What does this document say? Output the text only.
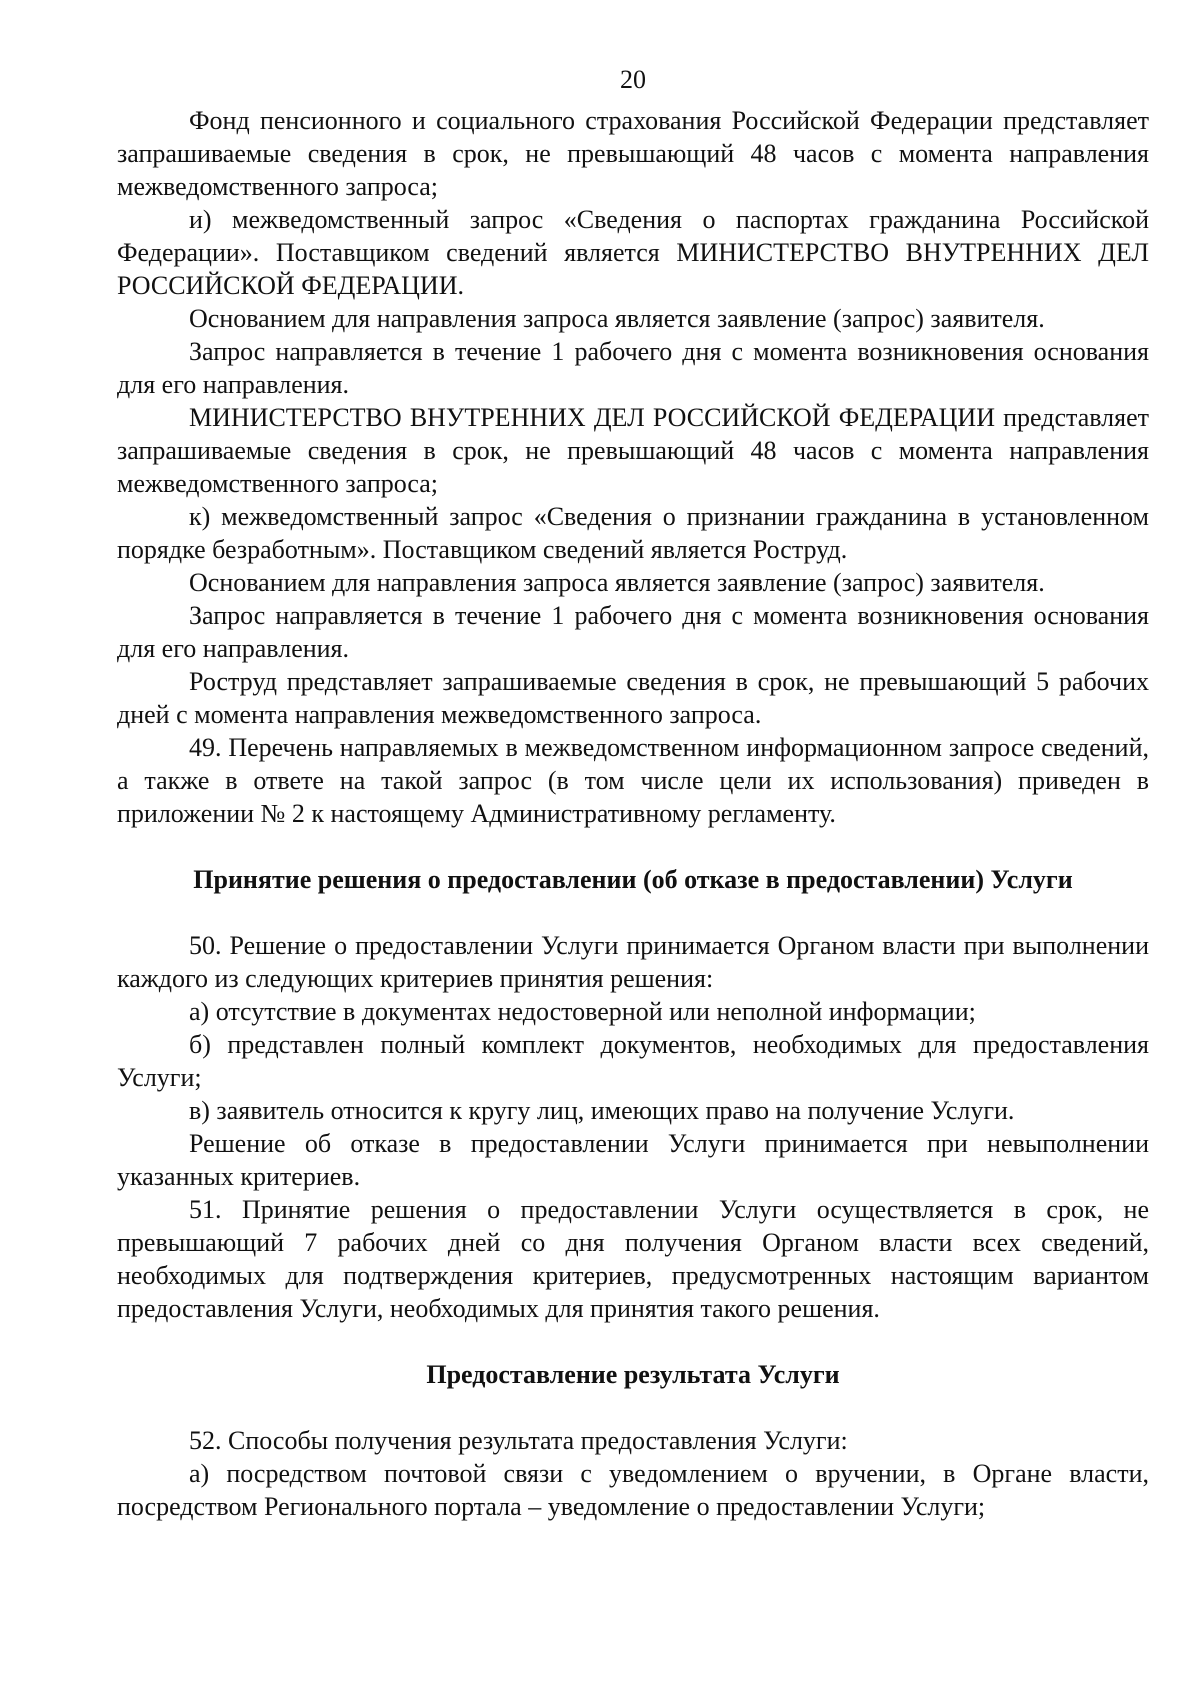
20

Фонд пенсионного и социального страхования Российской Федерации представляет запрашиваемые сведения в срок, не превышающий 48 часов с момента направления межведомственного запроса;

и) межведомственный запрос «Сведения о паспортах гражданина Российской Федерации». Поставщиком сведений является МИНИСТЕРСТВО ВНУТРЕННИХ ДЕЛ РОССИЙСКОЙ ФЕДЕРАЦИИ.

Основанием для направления запроса является заявление (запрос) заявителя.

Запрос направляется в течение 1 рабочего дня с момента возникновения основания для его направления.

МИНИСТЕРСТВО ВНУТРЕННИХ ДЕЛ РОССИЙСКОЙ ФЕДЕРАЦИИ представляет запрашиваемые сведения в срок, не превышающий 48 часов с момента направления межведомственного запроса;

к) межведомственный запрос «Сведения о признании гражданина в установленном порядке безработным». Поставщиком сведений является Роструд.

Основанием для направления запроса является заявление (запрос) заявителя.

Запрос направляется в течение 1 рабочего дня с момента возникновения основания для его направления.

Роструд представляет запрашиваемые сведения в срок, не превышающий 5 рабочих дней с момента направления межведомственного запроса.

49. Перечень направляемых в межведомственном информационном запросе сведений, а также в ответе на такой запрос (в том числе цели их использования) приведен в приложении № 2 к настоящему Административному регламенту.

Принятие решения о предоставлении (об отказе в предоставлении) Услуги

50. Решение о предоставлении Услуги принимается Органом власти при выполнении каждого из следующих критериев принятия решения:

а) отсутствие в документах недостоверной или неполной информации;

б) представлен полный комплект документов, необходимых для предоставления Услуги;

в) заявитель относится к кругу лиц, имеющих право на получение Услуги.

Решение об отказе в предоставлении Услуги принимается при невыполнении указанных критериев.

51. Принятие решения о предоставлении Услуги осуществляется в срок, не превышающий 7 рабочих дней со дня получения Органом власти всех сведений, необходимых для подтверждения критериев, предусмотренных настоящим вариантом предоставления Услуги, необходимых для принятия такого решения.

Предоставление результата Услуги

52. Способы получения результата предоставления Услуги:

а) посредством почтовой связи с уведомлением о вручении, в Органе власти, посредством Регионального портала – уведомление о предоставлении Услуги;
